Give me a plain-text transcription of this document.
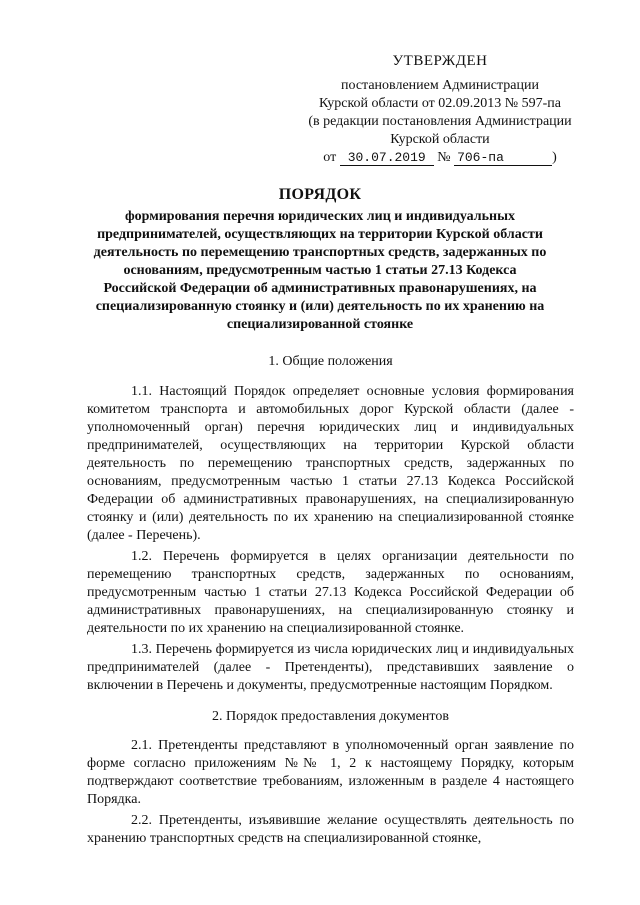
УТВЕРЖДЕН
постановлением Администрации
Курской области от 02.09.2013 № 597-па
(в редакции постановления Администрации
Курской области
от 30.07.2019 № 706-па	)
ПОРЯДОК
формирования перечня юридических лиц и индивидуальных предпринимателей, осуществляющих на территории Курской области деятельность по перемещению транспортных средств, задержанных по основаниям, предусмотренным частью 1 статьи 27.13 Кодекса Российской Федерации об административных правонарушениях, на специализированную стоянку и (или) деятельность по их хранению на специализированной стоянке
1. Общие положения

1.1. Настоящий Порядок определяет основные условия формирования комитетом транспорта и автомобильных дорог Курской области (далее - уполномоченный орган) перечня юридических лиц и индивидуальных предпринимателей, осуществляющих на территории Курской области деятельность по перемещению транспортных средств, задержанных по основаниям, предусмотренным частью 1 статьи 27.13 Кодекса Российской Федерации об административных правонарушениях, на специализированную стоянку и (или) деятельность по их хранению на специализированной стоянке (далее - Перечень).

1.2. Перечень формируется в целях организации деятельности по перемещению транспортных средств, задержанных по основаниям, предусмотренным частью 1 статьи 27.13 Кодекса Российской Федерации об административных правонарушениях, на специализированную стоянку и деятельности по их хранению на специализированной стоянке.

1.3. Перечень формируется из числа юридических лиц и индивидуальных предпринимателей (далее - Претенденты), представивших заявление о включении в Перечень и документы, предусмотренные настоящим Порядком.

2. Порядок предоставления документов

2.1. Претенденты представляют в уполномоченный орган заявление по форме согласно приложениям №№ 1, 2 к настоящему Порядку, которым подтверждают соответствие требованиям, изложенным в разделе 4 настоящего Порядка.

2.2. Претенденты, изъявившие желание осуществлять деятельность по хранению транспортных средств на специализированной стоянке,
